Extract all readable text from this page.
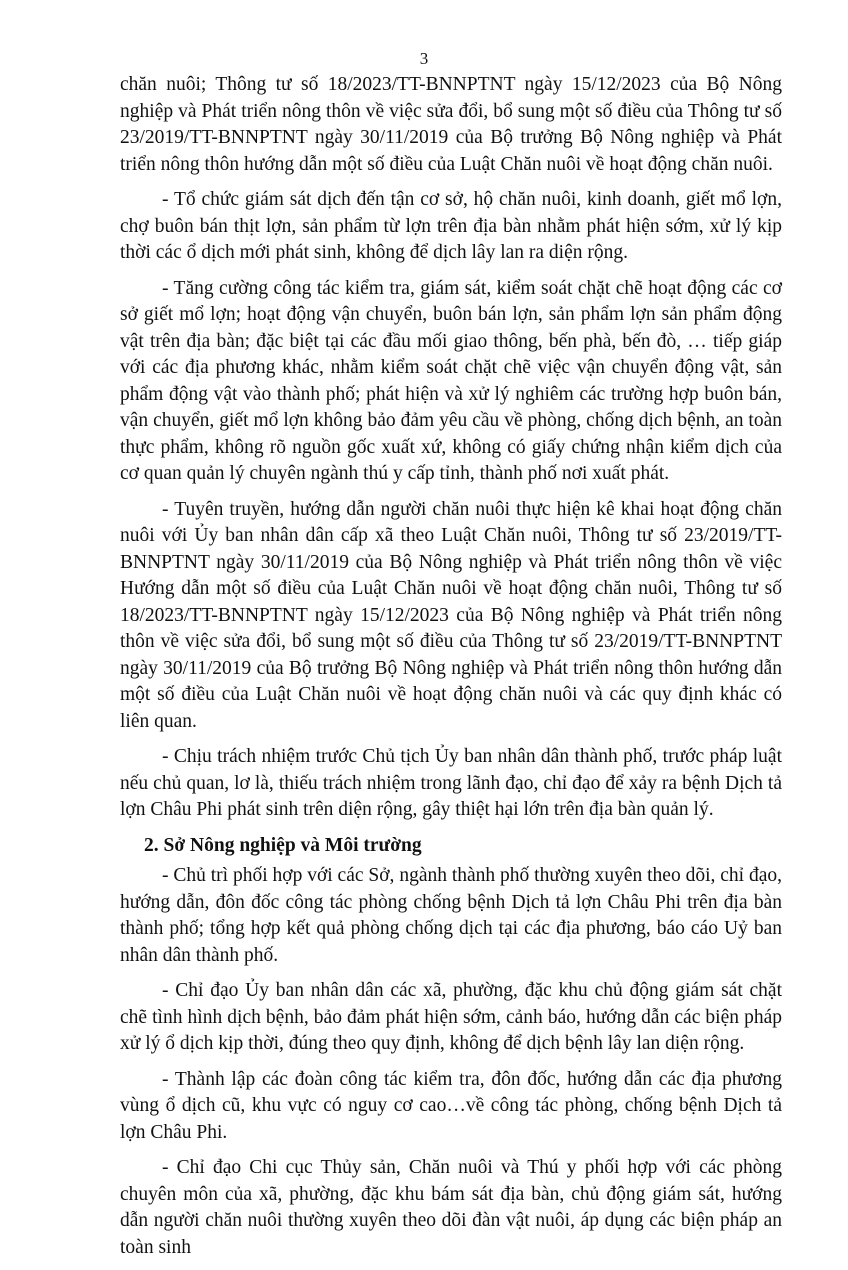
3

chăn nuôi; Thông tư số 18/2023/TT-BNNPTNT ngày 15/12/2023 của Bộ Nông nghiệp và Phát triển nông thôn về việc sửa đổi, bổ sung một số điều của Thông tư số 23/2019/TT-BNNPTNT ngày 30/11/2019 của Bộ trưởng Bộ Nông nghiệp và Phát triển nông thôn hướng dẫn một số điều của Luật Chăn nuôi về hoạt động chăn nuôi.

- Tổ chức giám sát dịch đến tận cơ sở, hộ chăn nuôi, kinh doanh, giết mổ lợn, chợ buôn bán thịt lợn, sản phẩm từ lợn trên địa bàn nhằm phát hiện sớm, xử lý kịp thời các ổ dịch mới phát sinh, không để dịch lây lan ra diện rộng.

- Tăng cường công tác kiểm tra, giám sát, kiểm soát chặt chẽ hoạt động các cơ sở giết mổ lợn; hoạt động vận chuyển, buôn bán lợn, sản phẩm lợn sản phẩm động vật trên địa bàn; đặc biệt tại các đầu mối giao thông, bến phà, bến đò, … tiếp giáp với các địa phương khác, nhằm kiểm soát chặt chẽ việc vận chuyển động vật, sản phẩm động vật vào thành phố; phát hiện và xử lý nghiêm các trường hợp buôn bán, vận chuyển, giết mổ lợn không bảo đảm yêu cầu về phòng, chống dịch bệnh, an toàn thực phẩm, không rõ nguồn gốc xuất xứ, không có giấy chứng nhận kiểm dịch của cơ quan quản lý chuyên ngành thú y cấp tỉnh, thành phố nơi xuất phát.

- Tuyên truyền, hướng dẫn người chăn nuôi thực hiện kê khai hoạt động chăn nuôi với Ủy ban nhân dân cấp xã theo Luật Chăn nuôi, Thông tư số 23/2019/TT-BNNPTNT ngày 30/11/2019 của Bộ Nông nghiệp và Phát triển nông thôn về việc Hướng dẫn một số điều của Luật Chăn nuôi về hoạt động chăn nuôi, Thông tư số 18/2023/TT-BNNPTNT ngày 15/12/2023 của Bộ Nông nghiệp và Phát triển nông thôn về việc sửa đổi, bổ sung một số điều của Thông tư số 23/2019/TT-BNNPTNT ngày 30/11/2019 của Bộ trưởng Bộ Nông nghiệp và Phát triển nông thôn hướng dẫn một số điều của Luật Chăn nuôi về hoạt động chăn nuôi và các quy định khác có liên quan.

- Chịu trách nhiệm trước Chủ tịch Ủy ban nhân dân thành phố, trước pháp luật nếu chủ quan, lơ là, thiếu trách nhiệm trong lãnh đạo, chỉ đạo để xảy ra bệnh Dịch tả lợn Châu Phi phát sinh trên diện rộng, gây thiệt hại lớn trên địa bàn quản lý.

2. Sở Nông nghiệp và Môi trường

- Chủ trì phối hợp với các Sở, ngành thành phố thường xuyên theo dõi, chỉ đạo, hướng dẫn, đôn đốc công tác phòng chống bệnh Dịch tả lợn Châu Phi trên địa bàn thành phố; tổng hợp kết quả phòng chống dịch tại các địa phương, báo cáo Uỷ ban nhân dân thành phố.

- Chỉ đạo Ủy ban nhân dân các xã, phường, đặc khu chủ động giám sát chặt chẽ tình hình dịch bệnh, bảo đảm phát hiện sớm, cảnh báo, hướng dẫn các biện pháp xử lý ổ dịch kịp thời, đúng theo quy định, không để dịch bệnh lây lan diện rộng.

- Thành lập các đoàn công tác kiểm tra, đôn đốc, hướng dẫn các địa phương vùng ổ dịch cũ, khu vực có nguy cơ cao…về công tác phòng, chống bệnh Dịch tả lợn Châu Phi.

- Chỉ đạo Chi cục Thủy sản, Chăn nuôi và Thú y phối hợp với các phòng chuyên môn của xã, phường, đặc khu bám sát địa bàn, chủ động giám sát, hướng dẫn người chăn nuôi thường xuyên theo dõi đàn vật nuôi, áp dụng các biện pháp an toàn sinh
